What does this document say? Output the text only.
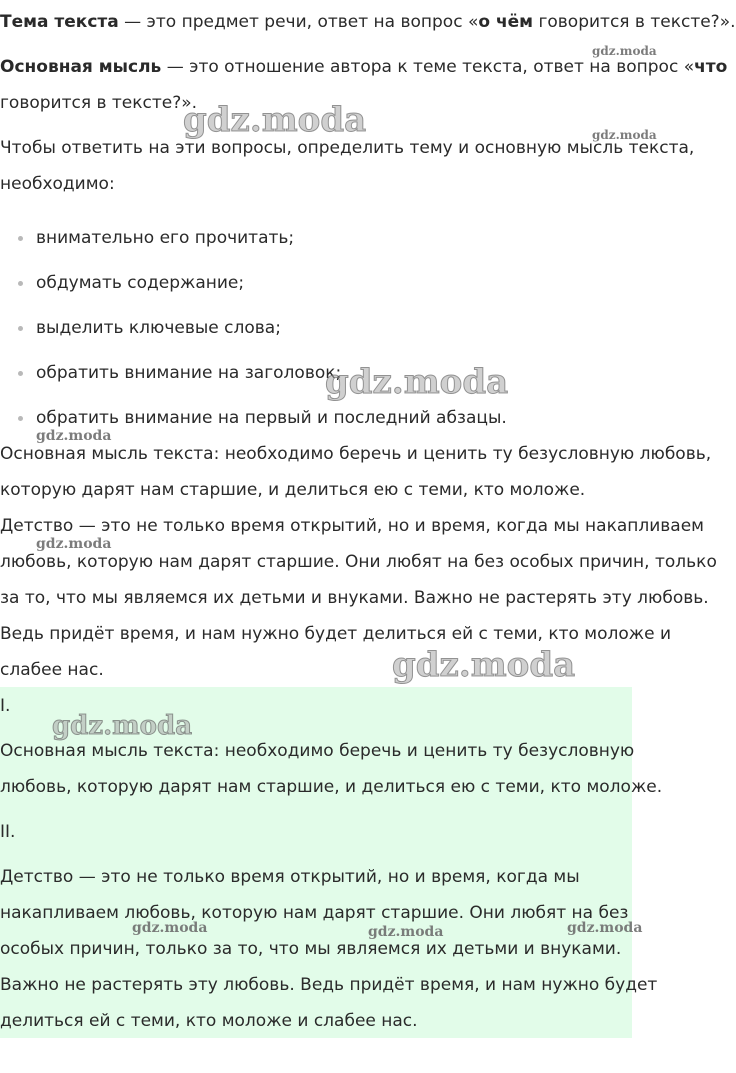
Тема текста — это предмет речи, ответ на вопрос «о чём говорится в тексте?».
Основная мысль — это отношение автора к теме текста, ответ на вопрос «что
говорится в тексте?».
Чтобы ответить на эти вопросы, определить тему и основную мысль текста,
необходимо:
внимательно его прочитать;
обдумать содержание;
выделить ключевые слова;
обратить внимание на заголовок;
обратить внимание на первый и последний абзацы.
Основная мысль текста: необходимо беречь и ценить ту безусловную любовь,
которую дарят нам старшие, и делиться ею с теми, кто моложе.
Детство — это не только время открытий, но и время, когда мы накапливаем
любовь, которую нам дарят старшие. Они любят на без особых причин, только
за то, что мы являемся их детьми и внуками. Важно не растерять эту любовь.
Ведь придёт время, и нам нужно будет делиться ей с теми, кто моложе и
слабее нас.
I.
Основная мысль текста: необходимо беречь и ценить ту безусловную
любовь, которую дарят нам старшие, и делиться ею с теми, кто моложе.
II.
Детство — это не только время открытий, но и время, когда мы
накапливаем любовь, которую нам дарят старшие. Они любят на без
особых причин, только за то, что мы являемся их детьми и внуками.
Важно не растерять эту любовь. Ведь придёт время, и нам нужно будет
делиться ей с теми, кто моложе и слабее нас.
gdz.moda
gdz.moda	gdz.moda
gdz.moda
gdz.moda
gdz.moda
gdz.moda
gdz.moda
gdz.moda	gdz.moda	gdz.moda
